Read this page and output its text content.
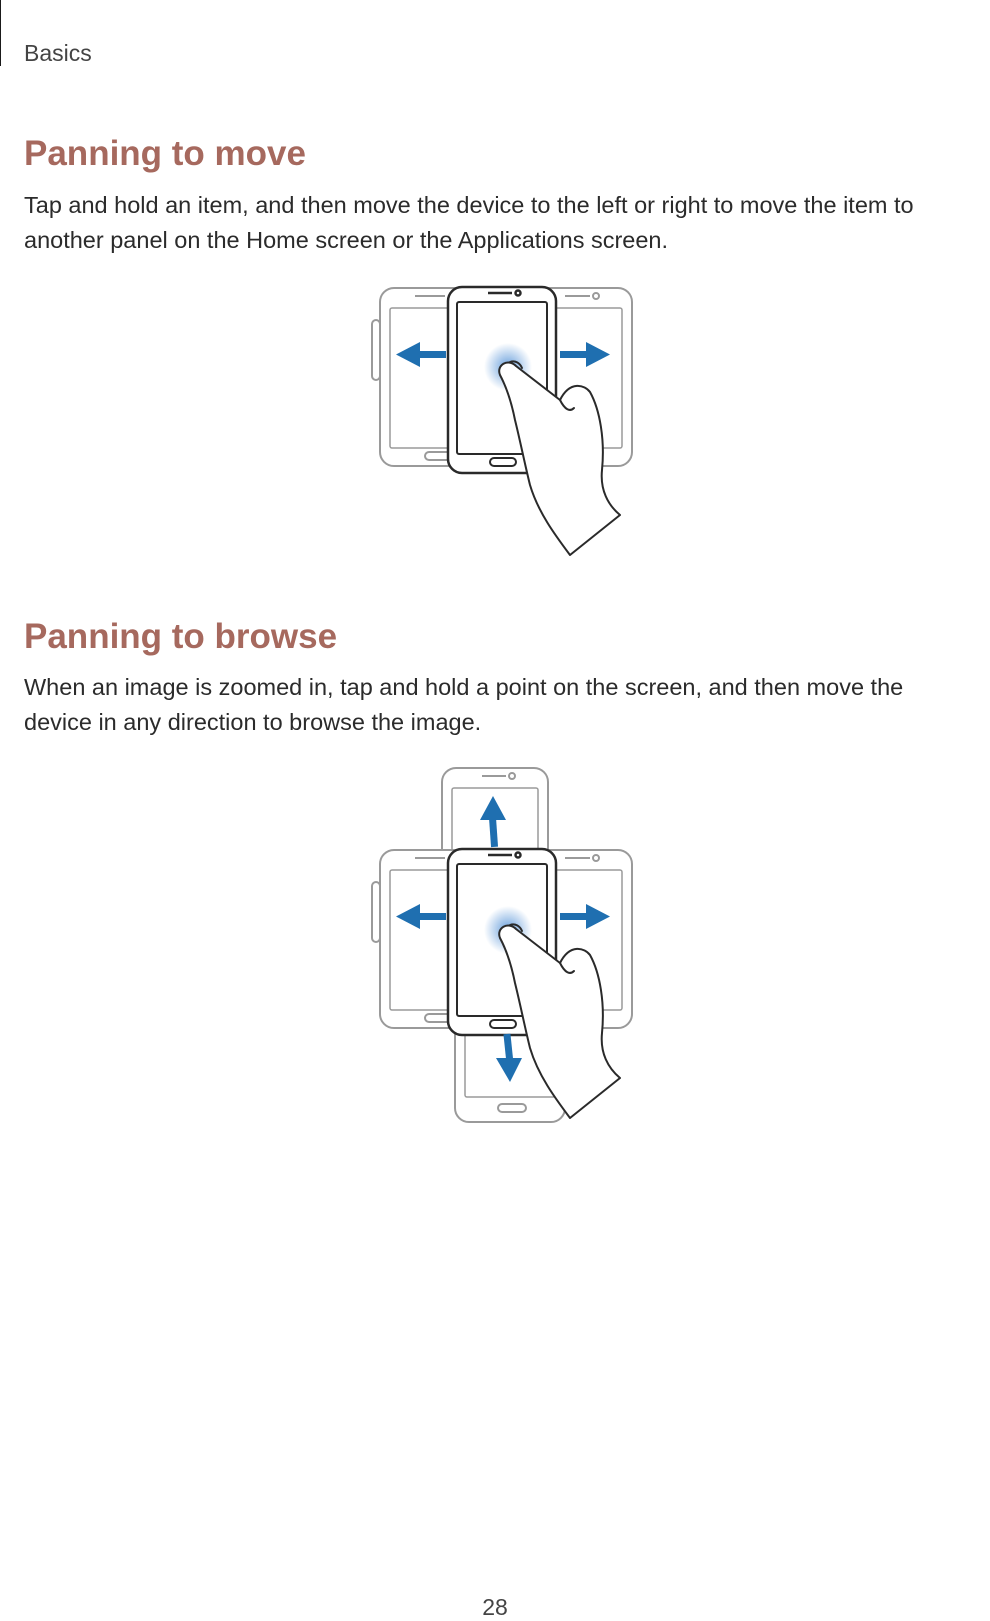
Basics
Panning to move

Tap and hold an item, and then move the device to the left or right to move the item to another panel on the Home screen or the Applications screen.

Panning to browse

When an image is zoomed in, tap and hold a point on the screen, and then move the device in any direction to browse the image.

28
